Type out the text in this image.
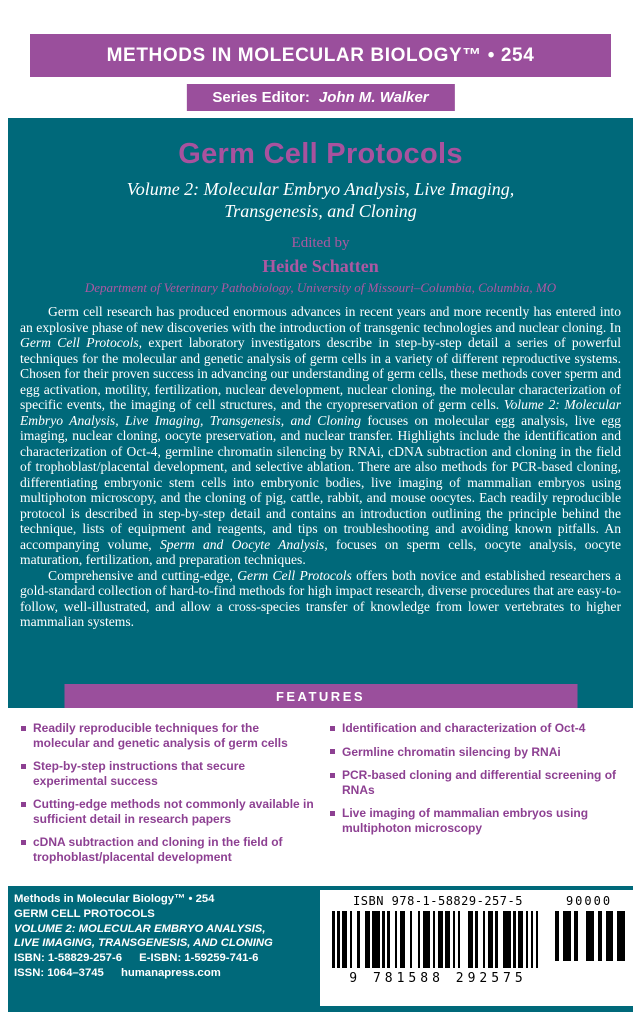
METHODS IN MOLECULAR BIOLOGY™ • 254
Series Editor: John M. Walker
Germ Cell Protocols
Volume 2: Molecular Embryo Analysis, Live Imaging,
Transgenesis, and Cloning
Edited by
Heide Schatten
Department of Veterinary Pathobiology, University of Missouri–Columbia, Columbia, MO

Germ cell research has produced enormous advances in recent years and more recently has entered into an explosive phase of new discoveries with the introduction of transgenic technologies and nuclear cloning. In Germ Cell Protocols, expert laboratory investigators describe in step-by-step detail a series of powerful techniques for the molecular and genetic analysis of germ cells in a variety of different reproductive systems. Chosen for their proven success in advancing our understanding of germ cells, these methods cover sperm and egg activation, motility, fertilization, nuclear development, nuclear cloning, the molecular characterization of specific events, the imaging of cell structures, and the cryopreservation of germ cells. Volume 2: Molecular Embryo Analysis, Live Imaging, Transgenesis, and Cloning focuses on molecular egg analysis, live egg imaging, nuclear cloning, oocyte preservation, and nuclear transfer. Highlights include the identification and characterization of Oct-4, germline chromatin silencing by RNAi, cDNA subtraction and cloning in the field of trophoblast/placental development, and selective ablation. There are also methods for PCR-based cloning, differentiating embryonic stem cells into embryonic bodies, live imaging of mammalian embryos using multiphoton microscopy, and the cloning of pig, cattle, rabbit, and mouse oocytes. Each readily reproducible protocol is described in step-by-step detail and contains an introduction outlining the principle behind the technique, lists of equipment and reagents, and tips on troubleshooting and avoiding known pitfalls. An accompanying volume, Sperm and Oocyte Analysis, focuses on sperm cells, oocyte analysis, oocyte maturation, fertilization, and preparation techniques.

Comprehensive and cutting-edge, Germ Cell Protocols offers both novice and established researchers a gold-standard collection of hard-to-find methods for high impact research, diverse procedures that are easy-to-follow, well-illustrated, and allow a cross-species transfer of knowledge from lower vertebrates to higher mammalian systems.

FEATURES
Readily reproducible techniques for the molecular and genetic analysis of germ cells
Step-by-step instructions that secure experimental success
Cutting-edge methods not commonly available in sufficient detail in research papers
cDNA subtraction and cloning in the field of trophoblast/placental development
Identification and characterization of Oct-4
Germline chromatin silencing by RNAi
PCR-based cloning and differential screening of RNAs
Live imaging of mammalian embryos using multiphoton microscopy
Methods in Molecular Biology™ • 254
GERM CELL PROTOCOLS
VOLUME 2: MOLECULAR EMBRYO ANALYSIS,
LIVE IMAGING, TRANSGENESIS, AND CLONING
ISBN: 1-58829-257-6 E-ISBN: 1-59259-741-6
ISSN: 1064–3745 humanapress.com
ISBN 978-1-58829-257-5	90000
9 781588 292575
